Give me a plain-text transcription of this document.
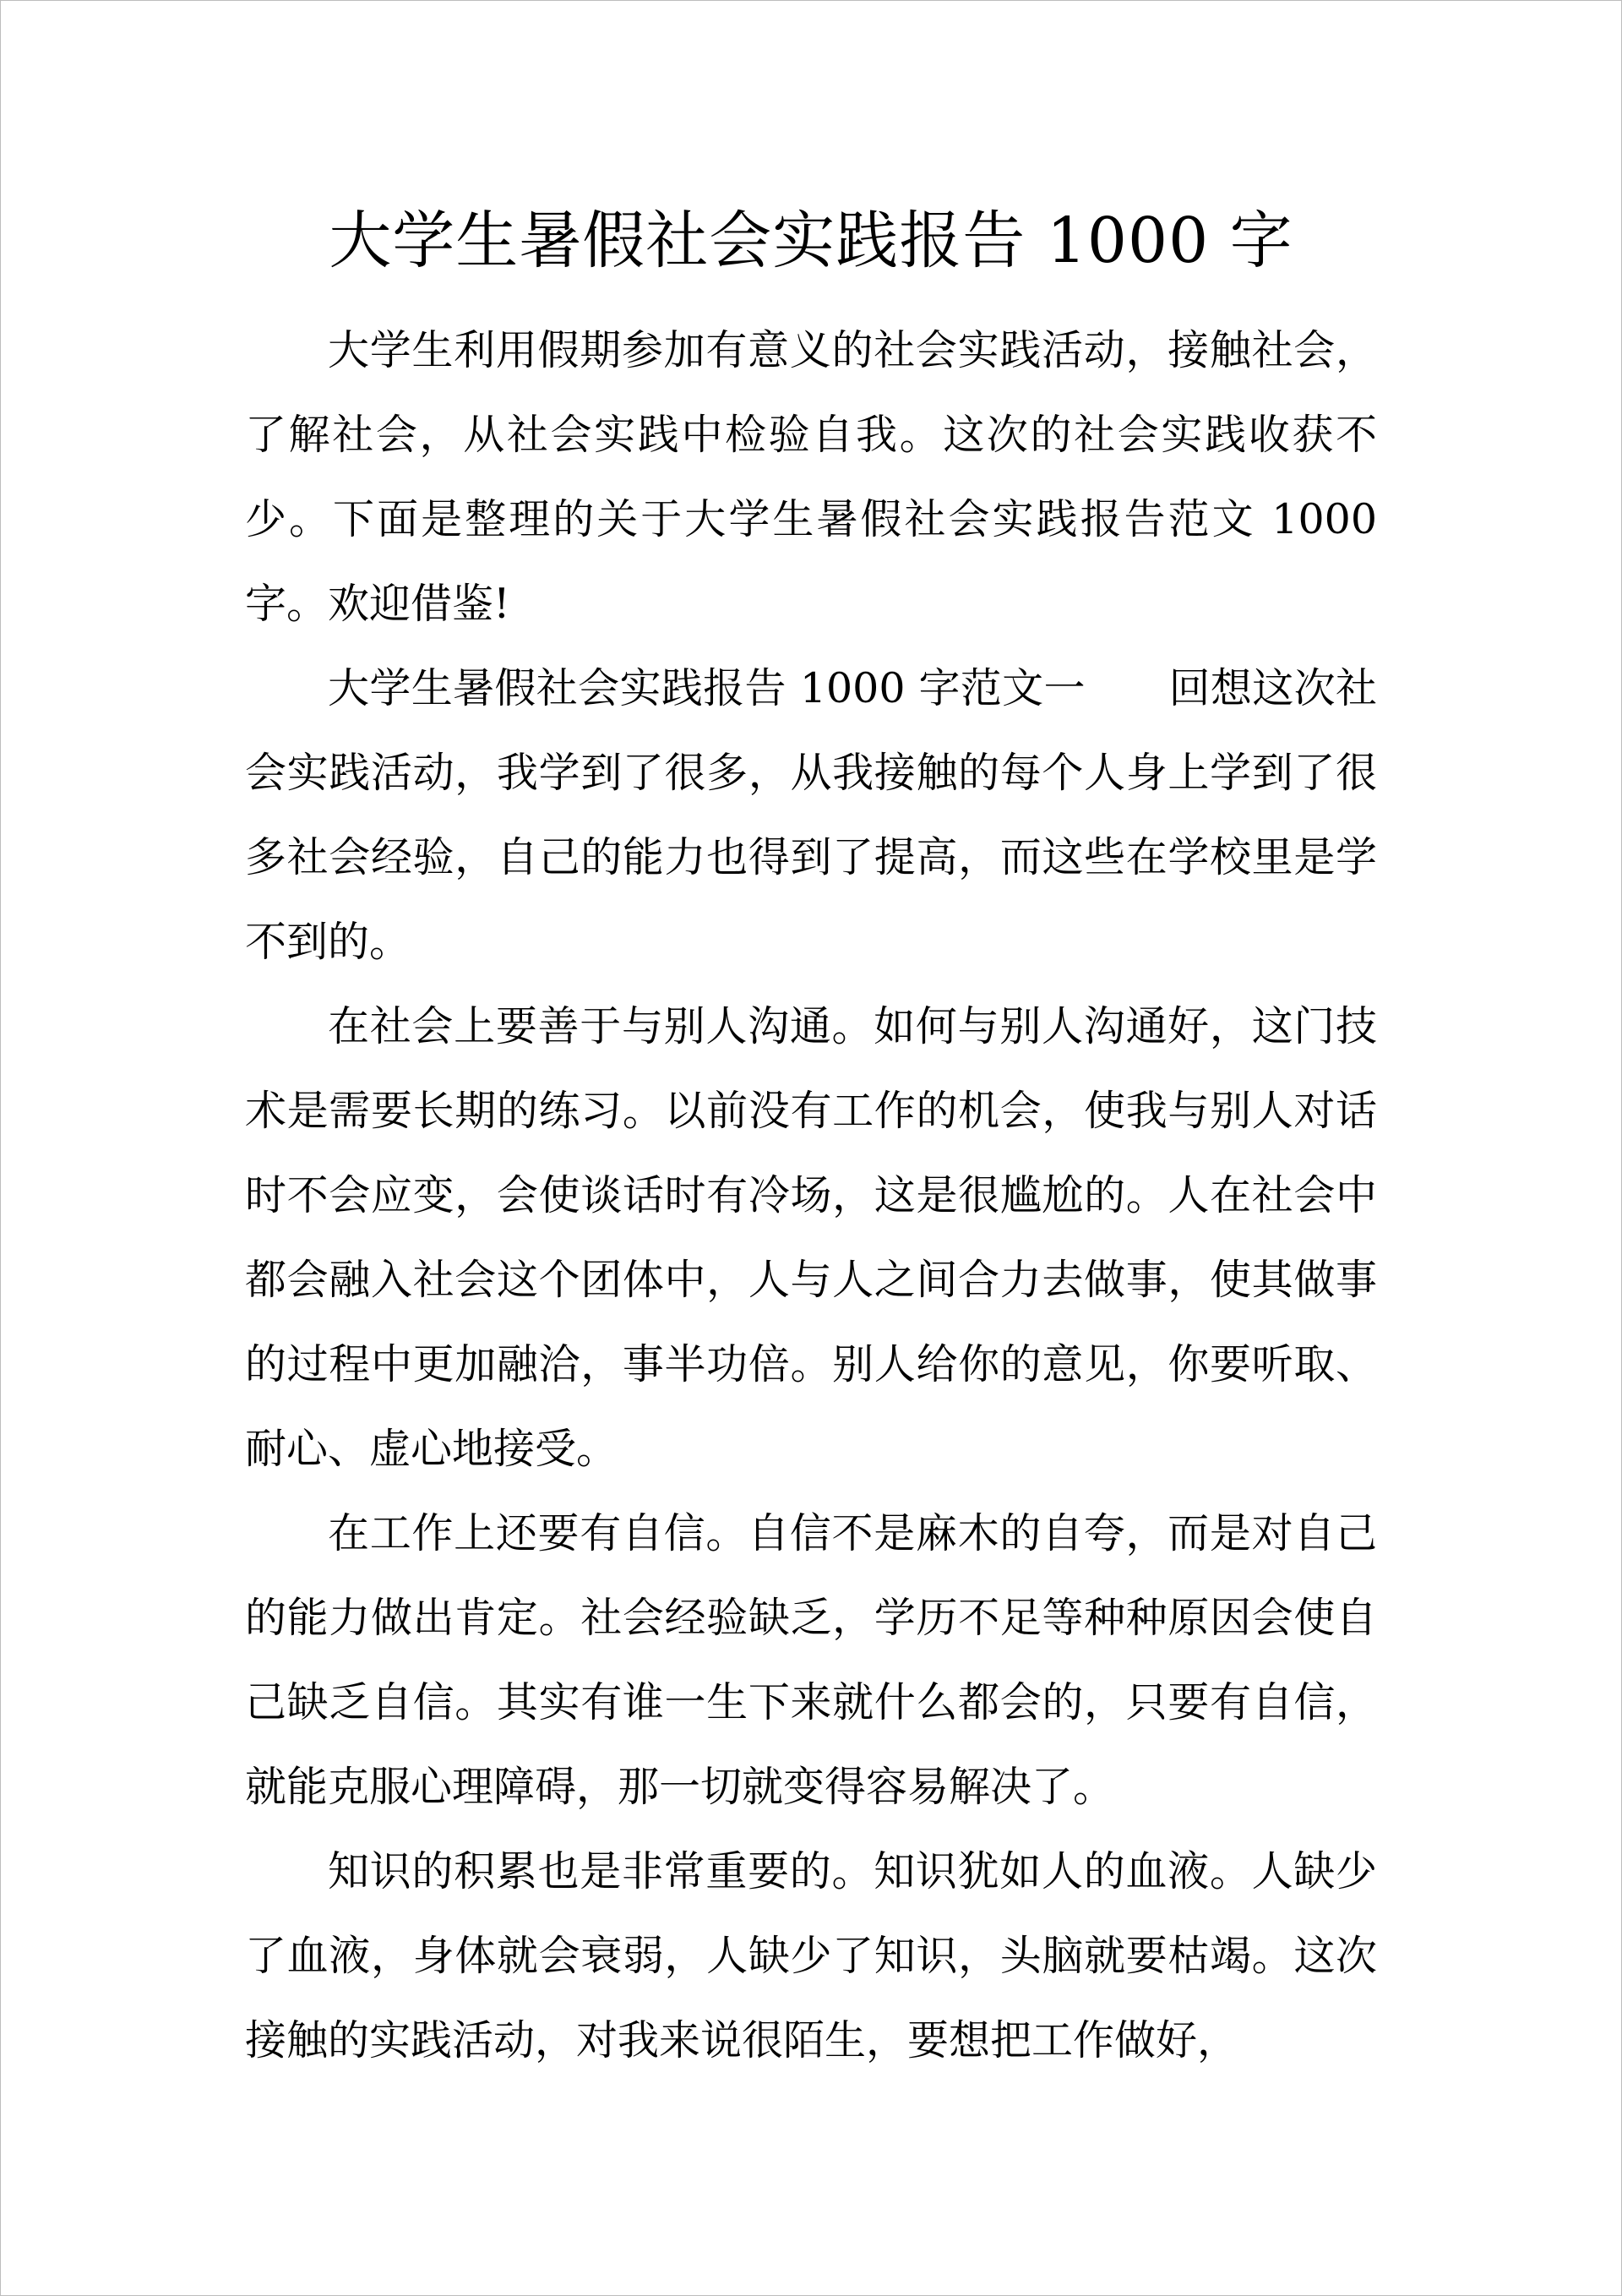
大学生暑假社会实践报告 1000 字

大学生利用假期参加有意义的社会实践活动，接触社会，了解社会，从社会实践中检验自我。这次的社会实践收获不少。下面是整理的关于大学生暑假社会实践报告范文 1000 字。欢迎借鉴!

大学生暑假社会实践报告 1000 字范文一　　回想这次社会实践活动，我学到了很多，从我接触的每个人身上学到了很多社会经验，自己的能力也得到了提高，而这些在学校里是学不到的。

在社会上要善于与别人沟通。如何与别人沟通好，这门技术是需要长期的练习。以前没有工作的机会，使我与别人对话时不会应变，会使谈话时有冷场，这是很尴尬的。人在社会中都会融入社会这个团体中，人与人之间合力去做事，使其做事的过程中更加融洽，事半功倍。别人给你的意见，你要听取、耐心、虚心地接受。

在工作上还要有自信。自信不是麻木的自夸，而是对自己的能力做出肯定。社会经验缺乏，学历不足等种种原因会使自己缺乏自信。其实有谁一生下来就什么都会的，只要有自信，就能克服心理障碍，那一切就变得容易解决了。

知识的积累也是非常重要的。知识犹如人的血液。人缺少了血液，身体就会衰弱，人缺少了知识，头脑就要枯竭。这次接触的实践活动，对我来说很陌生，要想把工作做好，
